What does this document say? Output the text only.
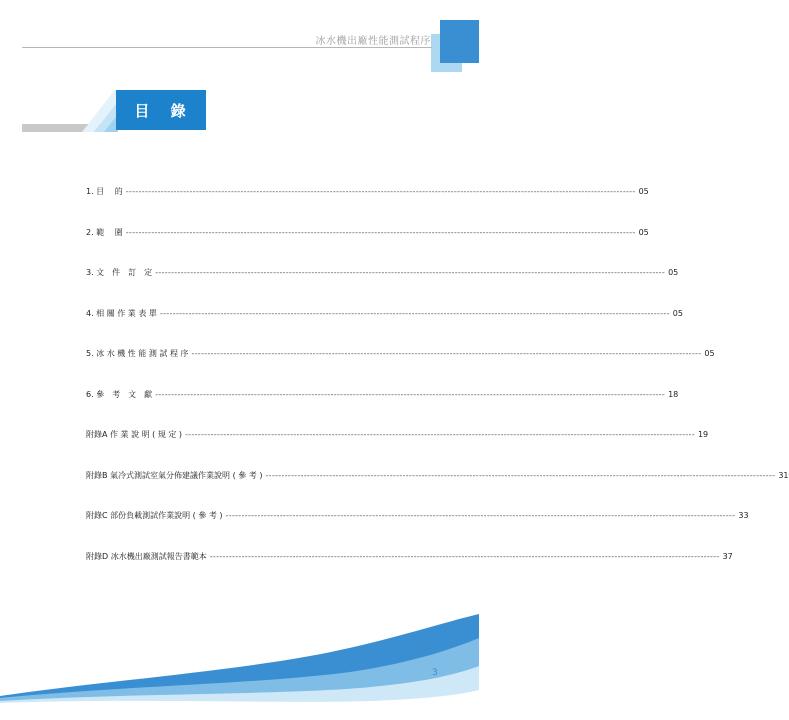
冰水機出廠性能測試程序
目 錄
1. 目　 的 ---------------------------------------------------------------------------------------------------------------------------------------------------------------- 05
2. 範　 圍 ---------------------------------------------------------------------------------------------------------------------------------------------------------------- 05
3. 文　件　訂　定 ---------------------------------------------------------------------------------------------------------------------------------------------------------------- 05
4. 相 關 作 業 表 單 ---------------------------------------------------------------------------------------------------------------------------------------------------------------- 05
5. 冰 水 機 性 能 測 試 程 序 ---------------------------------------------------------------------------------------------------------------------------------------------------------------- 05
6. 參　考　文　獻 ---------------------------------------------------------------------------------------------------------------------------------------------------------------- 18
附錄A 作 業 說 明 ( 規 定 ) ---------------------------------------------------------------------------------------------------------------------------------------------------------------- 19
附錄B 氣冷式測試室氣分佈建議作業說明 ( 參 考 ) ---------------------------------------------------------------------------------------------------------------------------------------------------------------- 31
附錄C 部份負載測試作業說明 ( 參 考 ) ---------------------------------------------------------------------------------------------------------------------------------------------------------------- 33
附錄D 冰水機出廠測試報告書範本 ---------------------------------------------------------------------------------------------------------------------------------------------------------------- 37
3
